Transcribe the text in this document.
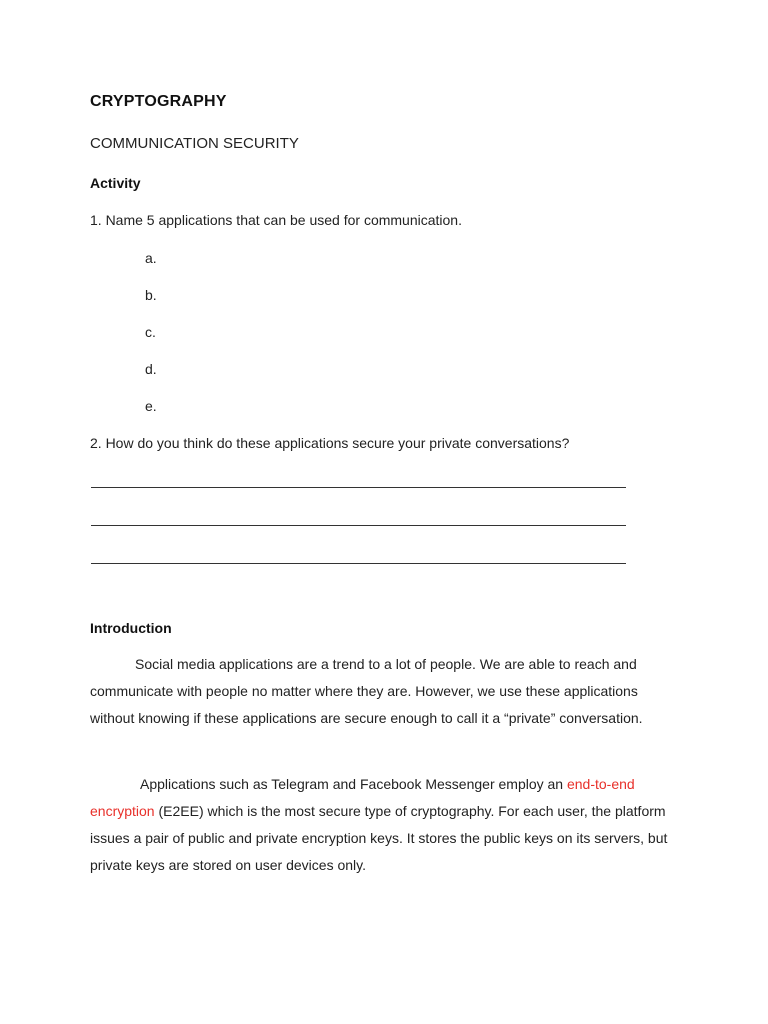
CRYPTOGRAPHY
COMMUNICATION SECURITY
Activity
1. Name 5 applications that can be used for communication.
a.
b.
c.
d.
e.
2. How do you think do these applications secure your private conversations?
Introduction

Social media applications are a trend to a lot of people. We are able to reach and communicate with people no matter where they are. However, we use these applications without knowing if these applications are secure enough to call it a “private” conversation.

Applications such as Telegram and Facebook Messenger employ an end-to-end encryption (E2EE) which is the most secure type of cryptography. For each user, the platform issues a pair of public and private encryption keys. It stores the public keys on its servers, but private keys are stored on user devices only.
